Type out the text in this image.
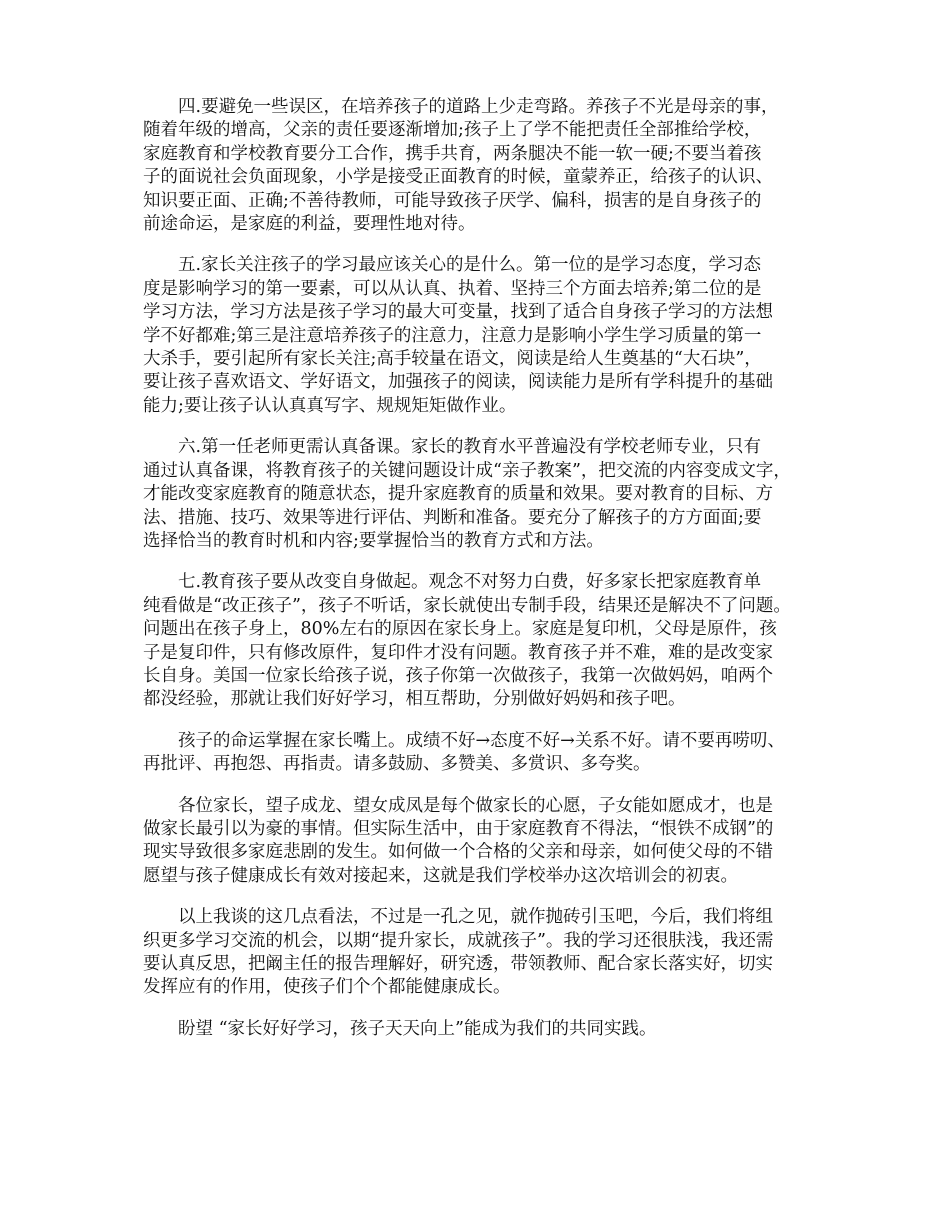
四.要避免一些误区，在培养孩子的道路上少走弯路。养孩子不光是母亲的事，
随着年级的增高，父亲的责任要逐渐增加;孩子上了学不能把责任全部推给学校，
家庭教育和学校教育要分工合作，携手共育，两条腿决不能一软一硬;不要当着孩
子的面说社会负面现象，小学是接受正面教育的时候，童蒙养正，给孩子的认识、
知识要正面、正确;不善待教师，可能导致孩子厌学、偏科，损害的是自身孩子的
前途命运，是家庭的利益，要理性地对待。

五.家长关注孩子的学习最应该关心的是什么。第一位的是学习态度，学习态
度是影响学习的第一要素，可以从认真、执着、坚持三个方面去培养;第二位的是
学习方法，学习方法是孩子学习的最大可变量，找到了适合自身孩子学习的方法想
学不好都难;第三是注意培养孩子的注意力，注意力是影响小学生学习质量的第一
大杀手，要引起所有家长关注;高手较量在语文，阅读是给人生奠基的“大石块”，
要让孩子喜欢语文、学好语文，加强孩子的阅读，阅读能力是所有学科提升的基础
能力;要让孩子认认真真写字、规规矩矩做作业。

六.第一任老师更需认真备课。家长的教育水平普遍没有学校老师专业，只有
通过认真备课，将教育孩子的关键问题设计成“亲子教案”，把交流的内容变成文字，
才能改变家庭教育的随意状态，提升家庭教育的质量和效果。要对教育的目标、方
法、措施、技巧、效果等进行评估、判断和准备。要充分了解孩子的方方面面;要
选择恰当的教育时机和内容;要掌握恰当的教育方式和方法。

七.教育孩子要从改变自身做起。观念不对努力白费，好多家长把家庭教育单
纯看做是“改正孩子”，孩子不听话，家长就使出专制手段，结果还是解决不了问题。
问题出在孩子身上，80%左右的原因在家长身上。家庭是复印机，父母是原件，孩
子是复印件，只有修改原件，复印件才没有问题。教育孩子并不难，难的是改变家
长自身。美国一位家长给孩子说，孩子你第一次做孩子，我第一次做妈妈，咱两个
都没经验，那就让我们好好学习，相互帮助，分别做好妈妈和孩子吧。

孩子的命运掌握在家长嘴上。成绩不好→态度不好→关系不好。请不要再唠叨、
再批评、再抱怨、再指责。请多鼓励、多赞美、多赏识、多夸奖。

各位家长，望子成龙、望女成凤是每个做家长的心愿，子女能如愿成才，也是
做家长最引以为豪的事情。但实际生活中，由于家庭教育不得法，“恨铁不成钢”的
现实导致很多家庭悲剧的发生。如何做一个合格的父亲和母亲，如何使父母的不错
愿望与孩子健康成长有效对接起来，这就是我们学校举办这次培训会的初衷。

以上我谈的这几点看法，不过是一孔之见，就作抛砖引玉吧，今后，我们将组
织更多学习交流的机会，以期“提升家长，成就孩子”。我的学习还很肤浅，我还需
要认真反思，把阚主任的报告理解好，研究透，带领教师、配合家长落实好，切实
发挥应有的作用，使孩子们个个都能健康成长。

盼望 “家长好好学习，孩子天天向上”能成为我们的共同实践。
